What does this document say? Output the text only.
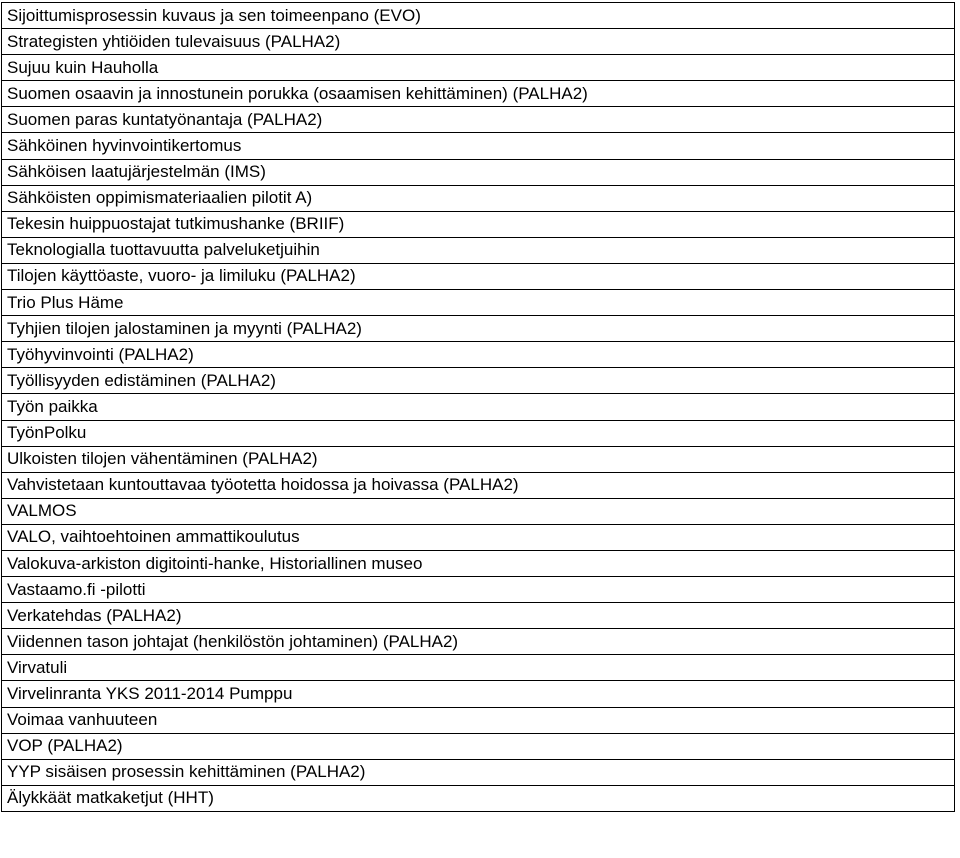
Sijoittumisprosessin kuvaus ja sen toimeenpano (EVO)
Strategisten yhtiöiden tulevaisuus (PALHA2)
Sujuu kuin Hauholla
Suomen osaavin ja innostunein porukka (osaamisen kehittäminen) (PALHA2)
Suomen paras kuntatyönantaja (PALHA2)
Sähköinen hyvinvointikertomus
Sähköisen laatujärjestelmän (IMS)
Sähköisten oppimismateriaalien pilotit A)
Tekesin huippuostajat tutkimushanke (BRIIF)
Teknologialla tuottavuutta palveluketjuihin
Tilojen käyttöaste, vuoro- ja limiluku (PALHA2)
Trio Plus Häme
Tyhjien tilojen jalostaminen ja myynti (PALHA2)
Työhyvinvointi (PALHA2)
Työllisyyden edistäminen (PALHA2)
Työn paikka
TyönPolku
Ulkoisten tilojen vähentäminen (PALHA2)
Vahvistetaan kuntouttavaa työotetta hoidossa ja hoivassa (PALHA2)
VALMOS
VALO, vaihtoehtoinen ammattikoulutus
Valokuva-arkiston digitointi-hanke, Historiallinen museo
Vastaamo.fi -pilotti
Verkatehdas (PALHA2)
Viidennen tason johtajat (henkilöstön johtaminen) (PALHA2)
Virvatuli
Virvelinranta YKS 2011-2014 Pumppu
Voimaa vanhuuteen
VOP (PALHA2)
YYP sisäisen prosessin kehittäminen (PALHA2)
Älykkäät matkaketjut (HHT)
